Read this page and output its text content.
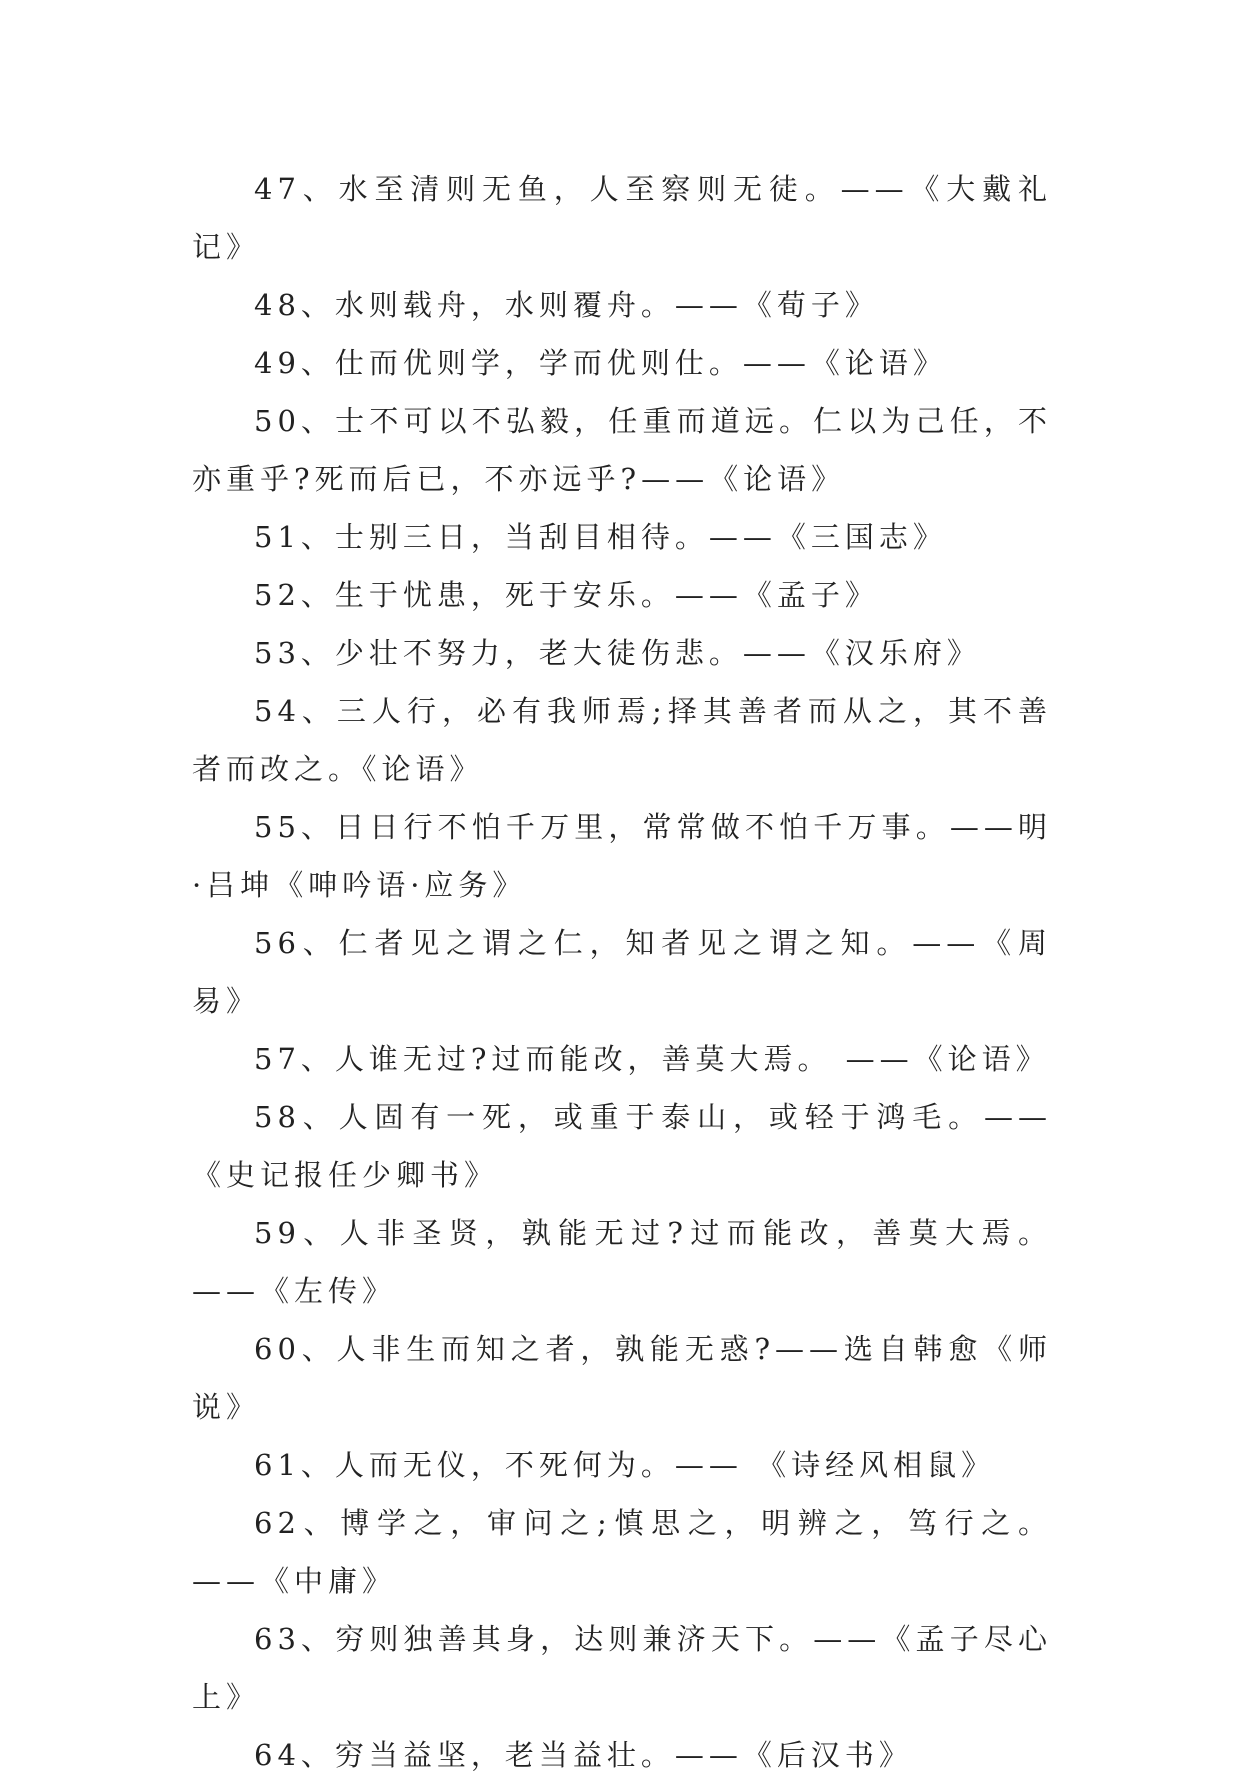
47、水至清则无鱼，人至察则无徒。——《大戴礼记》

48、水则载舟，水则覆舟。——《荀子》

49、仕而优则学，学而优则仕。——《论语》

50、士不可以不弘毅，任重而道远。仁以为己任，不亦重乎?死而后已，不亦远乎?——《论语》

51、士别三日，当刮目相待。——《三国志》

52、生于忧患，死于安乐。——《孟子》

53、少壮不努力，老大徒伤悲。——《汉乐府》

54、三人行，必有我师焉;择其善者而从之，其不善者而改之。《论语》

55、日日行不怕千万里，常常做不怕千万事。——明·吕坤《呻吟语·应务》

56、仁者见之谓之仁，知者见之谓之知。——《周易》

57、人谁无过?过而能改，善莫大焉。 ——《论语》

58、人固有一死，或重于泰山，或轻于鸿毛。——《史记报任少卿书》

59、人非圣贤，孰能无过?过而能改，善莫大焉。——《左传》

60、人非生而知之者，孰能无惑?——选自韩愈《师说》

61、人而无仪，不死何为。—— 《诗经风相鼠》

62、博学之，审问之;慎思之，明辨之，笃行之。——《中庸》

63、穷则独善其身，达则兼济天下。——《孟子尽心上》

64、穷当益坚，老当益壮。——《后汉书》
